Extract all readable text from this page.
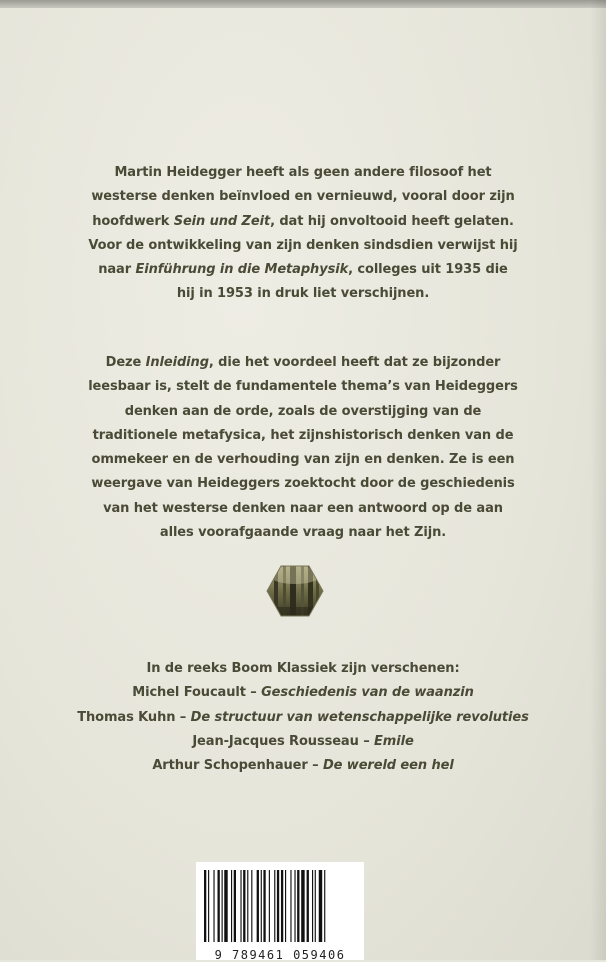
Martin Heidegger heeft als geen andere filosoof het

westerse denken beïnvloed en vernieuwd, vooral door zijn

hoofdwerk Sein und Zeit, dat hij onvoltooid heeft gelaten.

Voor de ontwikkeling van zijn denken sindsdien verwijst hij

naar Einführung in die Metaphysik, colleges uit 1935 die

hij in 1953 in druk liet verschijnen.

Deze Inleiding, die het voordeel heeft dat ze bijzonder

leesbaar is, stelt de fundamentele thema’s van Heideggers

denken aan de orde, zoals de overstijging van de

traditionele metafysica, het zijnshistorisch denken van de

ommekeer en de verhouding van zijn en denken. Ze is een

weergave van Heideggers zoektocht door de geschiedenis

van het westerse denken naar een antwoord op de aan

alles voorafgaande vraag naar het Zijn.

In de reeks Boom Klassiek zijn verschenen:

Michel Foucault – Geschiedenis van de waanzin

Thomas Kuhn – De structuur van wetenschappelijke revoluties

Jean-Jacques Rousseau – Emile

Arthur Schopenhauer – De wereld een hel

9 789461 059406
